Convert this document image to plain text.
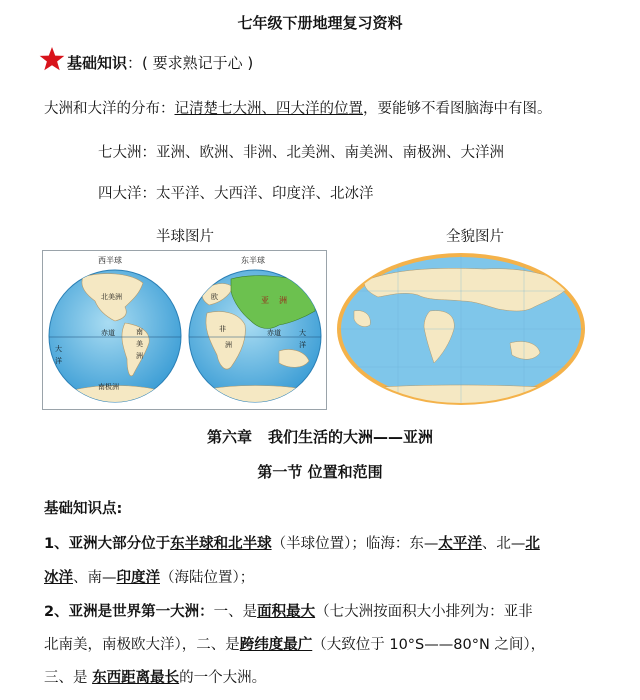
七年级下册地理复习资料
基础知识：( 要求熟记于心 )
大洲和大洋的分布：记清楚七大洲、四大洋的位置，要能够不看图脑海中有图。
七大洲：亚洲、欧洲、非洲、北美洲、南美洲、南极洲、大洋洲
四大洋：太平洋、大西洋、印度洋、北冰洋
半球图片	全貌图片
西半球
北美洲
赤道	南
美
洲
大
洋
南极洲
东半球
欧	亚 洲
非
洲
赤道	大
洋
第六章 我们生活的大洲——亚洲
第一节 位置和范围
基础知识点:
1、亚洲大部分位于东半球和北半球（半球位置）；临海：东—太平洋、北—北
冰洋、南—印度洋（海陆位置）；
2、亚洲是世界第一大洲：一、是面积最大（七大洲按面积大小排列为：亚非
北南美，南极欧大洋），二、是跨纬度最广（大致位于 10°S——80°N 之间），
三、是 东西距离最长的一个大洲。
